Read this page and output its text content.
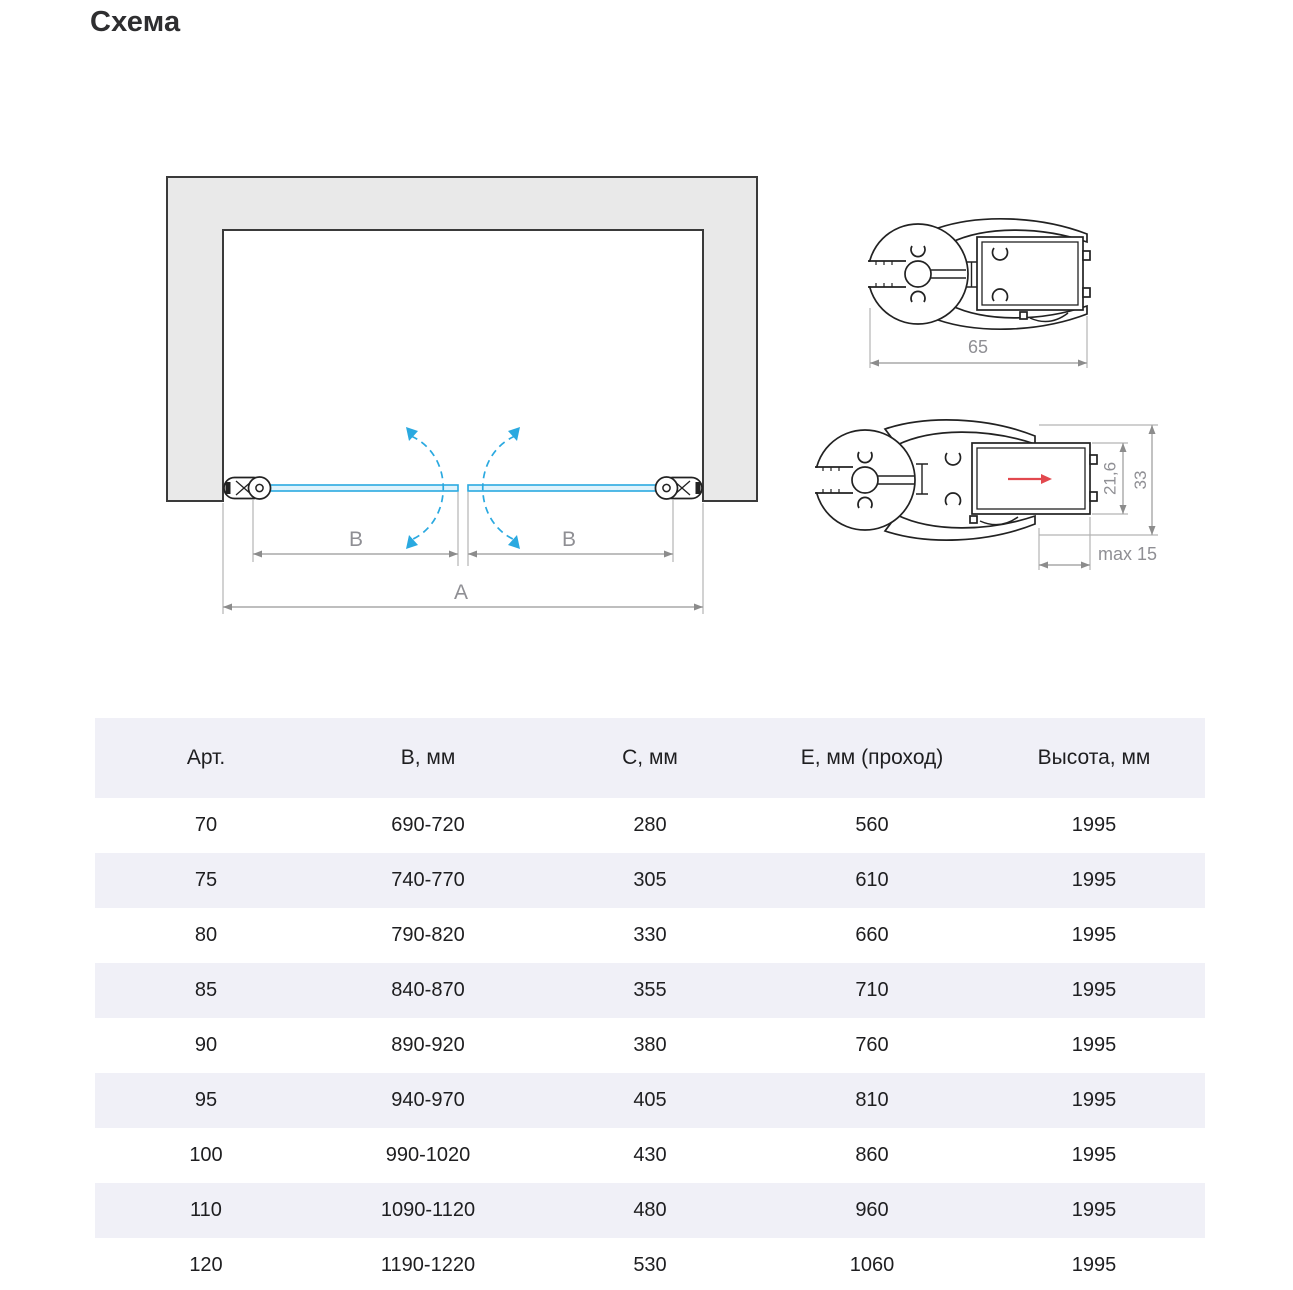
Схема
B	B
A
65
21,6 33
max 15
Арт.	В, мм	С, мм	Е, мм (проход)	Высота, мм
70	690-720	280	560	1995
75	740-770	305	610	1995
80	790-820	330	660	1995
85	840-870	355	710	1995
90	890-920	380	760	1995
95	940-970	405	810	1995
100	990-1020	430	860	1995
110	1090-1120	480	960	1995
120	1190-1220	530	1060	1995
